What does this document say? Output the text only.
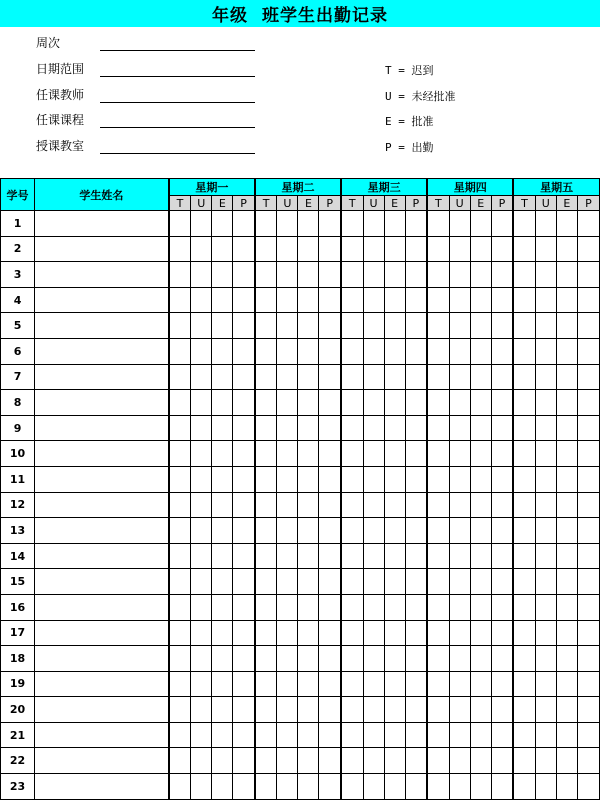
年级 班学生出勤记录
周次
日期范围
任课教师
任课课程
授课教室
T = 迟到
U = 未经批准
E = 批准
P = 出勤
学号	学生姓名	星期一				星期二				星期三				星期四				星期五			
		T	U	E	P	T	U	E	P	T	U	E	P	T	U	E	P	T	U	E	P
1																					
2																					
3																					
4																					
5																					
6																					
7																					
8																					
9																					
10																					
11																					
12																					
13																					
14																					
15																					
16																					
17																					
18																					
19																					
20																					
21																					
22																					
23																					
